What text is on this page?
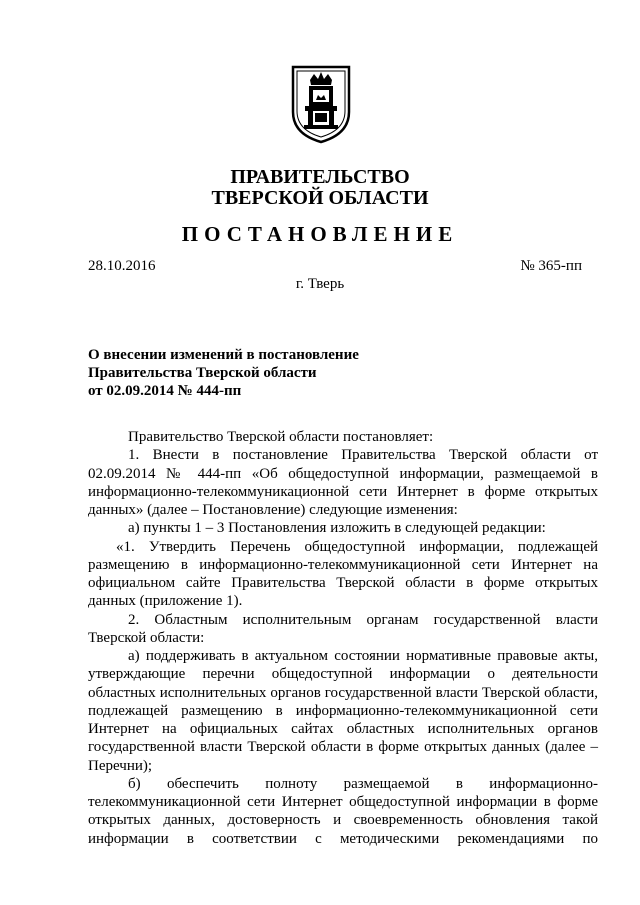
ПРАВИТЕЛЬСТВО
ТВЕРСКОЙ ОБЛАСТИ
ПОСТАНОВЛЕНИЕ
28.10.2016	№ 365-пп
г. Тверь
О внесении изменений в постановление
Правительства Тверской области
от 02.09.2014 № 444-пп

Правительство Тверской области постановляет:

1. Внести в постановление Правительства Тверской области от 02.09.2014 № 444-пп «Об общедоступной информации, размещаемой в информационно-телекоммуникационной сети Интернет в форме открытых данных» (далее – Постановление) следующие изменения:

а) пункты 1 – 3 Постановления изложить в следующей редакции:

«1. Утвердить Перечень общедоступной информации, подлежащей размещению в информационно-телекоммуникационной сети Интернет на официальном сайте Правительства Тверской области в форме открытых данных (приложение 1).

2. Областным исполнительным органам государственной власти Тверской области:

а) поддерживать в актуальном состоянии нормативные правовые акты, утверждающие перечни общедоступной информации о деятельности областных исполнительных органов государственной власти Тверской области, подлежащей размещению в информационно-телекоммуникационной сети Интернет на официальных сайтах областных исполнительных органов государственной власти Тверской области в форме открытых данных (далее – Перечни);

б) обеспечить полноту размещаемой в информационно-телекоммуникационной сети Интернет общедоступной информации в форме открытых данных, достоверность и своевременность обновления такой информации в соответствии с методическими рекомендациями по
